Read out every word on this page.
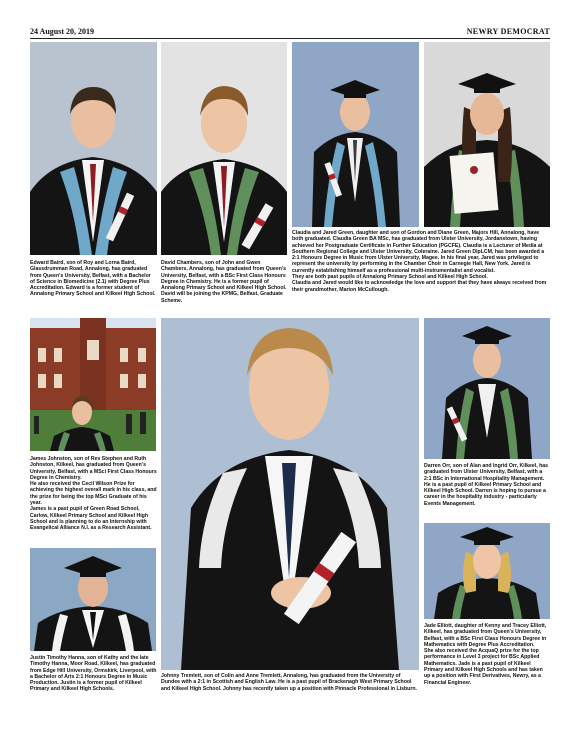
24 August 20, 2019	NEWRY DEMOCRAT

Edward Baird, son of Roy and Lorna Baird, Glassdrumman Road, Annalong, has graduated from Queen's University, Belfast, with a Bachelor of Science in Biomedicine (2.1) with Degree Plus Accreditation. Edward is a former student of Annalong Primary School and Kilkeel High School.

David Chambers, son of John and Gwen Chambers, Annalong, has graduated from Queen's University, Belfast, with a BSc First Class Honours Degree in Chemistry. He is a former pupil of Annalong Primary School and Kilkeel High School. David will be joining the KPMG, Belfast, Graduate Scheme.

Claudia and Jared Green, daughter and son of Gordon and Diane Green, Majors Hill, Annalong, have both graduated. Claudia Green BA MSc, has graduated from Ulster University, Jordanstown, having achieved her Postgraduate Certificate in Further Education (PGCFE). Claudia is a Lecturer of Media at Southern Regional College and Ulster University, Coleraine. Jared Green DipLCM, has been awarded a 2:1 Honours Degree in Music from Ulster University, Magee. In his final year, Jared was privileged to represent the university by performing in the Chamber Choir in Carnegie Hall, New York. Jared is currently establishing himself as a professional multi-instrumentalist and vocalist.

They are both past pupils of Annalong Primary School and Kilkeel High School.

Claudia and Jared would like to acknowledge the love and support that they have always received from their grandmother, Marion McCullough.

James Johnston, son of Rev Stephen and Ruth Johnston, Kilkeel, has graduated from Queen's University, Belfast, with a MSci First Class Honours Degree in Chemistry.

He also received the Cecil Wilson Prize for achieving the highest overall mark in his class, and the prize for being the top MSci Graduate of his year.

James is a past pupil of Green Road School, Carlow, Kilkeel Primary School and Kilkeel High School and is planning to do an Internship with Evangelical Alliance N.I. as a Research Assistant.

Johnny Tremlett, son of Colin and Anne Tremlett, Annalong, has graduated from the University of Dundee with a 2:1 in Scottish and English Law. He is a past pupil of Brackenagh West Primary School and Kilkeel High School. Johnny has recently taken up a position with Pinnacle Professional in Lisburn.

Darren Orr, son of Alan and Ingrid Orr, Kilkeel, has graduated from Ulster University, Belfast, with a 2:1 BSc in International Hospitality Management. He is a past pupil of Kilkeel Primary School and Kilkeel High School. Darren is hoping to pursue a career in the hospitality industry - particularly Events Management.

Justin Timothy Hanna, son of Kathy and the late Timothy Hanna, Moor Road, Kilkeel, has graduated from Edge Hill University, Ormskirk, Liverpool, with a Bachelor of Arts 2:1 Honours Degree in Music Production. Justin is a former pupil of Kilkeel Primary and Kilkeel High Schools.

Jade Elliott, daughter of Kenny and Tracey Elliott, Kilkeel, has graduated from Queen's University, Belfast, with a BSc First Class Honours Degree in Mathematics with Degree Plus Accreditation.

She also received the AcquaQ prize for the top performance in Level 3 project for BSc Applied Mathematics. Jade is a past pupil of Kilkeel Primary and Kilkeel High Schools and has taken up a position with First Derivatives, Newry, as a Financial Engineer.
